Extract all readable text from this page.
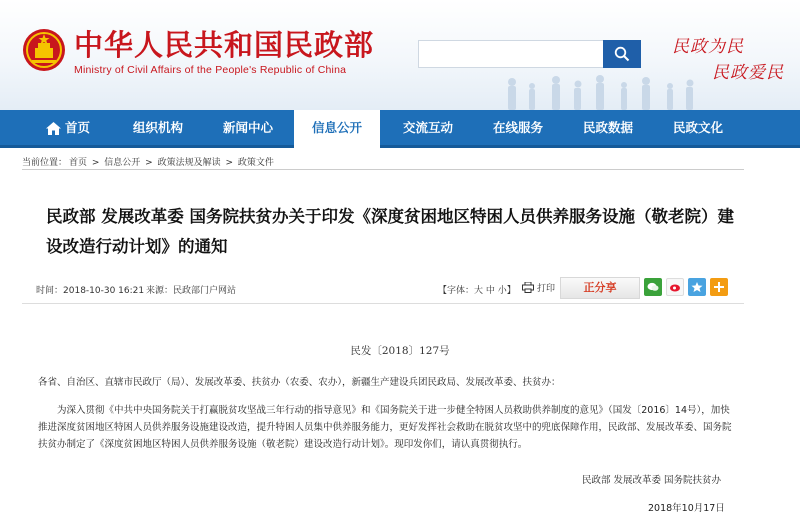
中华人民共和国民政部
Ministry of Civil Affairs of the People's Republic of China
民政为民
民政爱民
首页	组织机构	新闻中心	信息公开	交流互动	在线服务	民政数据	民政文化
当前位置： 首页 > 信息公开 > 政策法规及解读 > 政策文件
民政部 发展改革委 国务院扶贫办关于印发《深度贫困地区特困人员供养服务设施（敬老院）建设改造行动计划》的通知
时间：2018-10-30 16:21 来源：民政部门户网站	【字体：大 中 小】 打印	正分享
民发〔2018〕127号
各省、自治区、直辖市民政厅（局）、发展改革委、扶贫办（农委、农办），新疆生产建设兵团民政局、发展改革委、扶贫办：
为深入贯彻《中共中央国务院关于打赢脱贫攻坚战三年行动的指导意见》和《国务院关于进一步健全特困人员救助供养制度的意见》（国发〔2016〕14号），加快推进深度贫困地区特困人员供养服务设施建设改造，提升特困人员集中供养服务能力，更好发挥社会救助在脱贫攻坚中的兜底保障作用，民政部、发展改革委、国务院扶贫办制定了《深度贫困地区特困人员供养服务设施（敬老院）建设改造行动计划》。现印发你们，请认真贯彻执行。
民政部 发展改革委 国务院扶贫办
2018年10月17日
